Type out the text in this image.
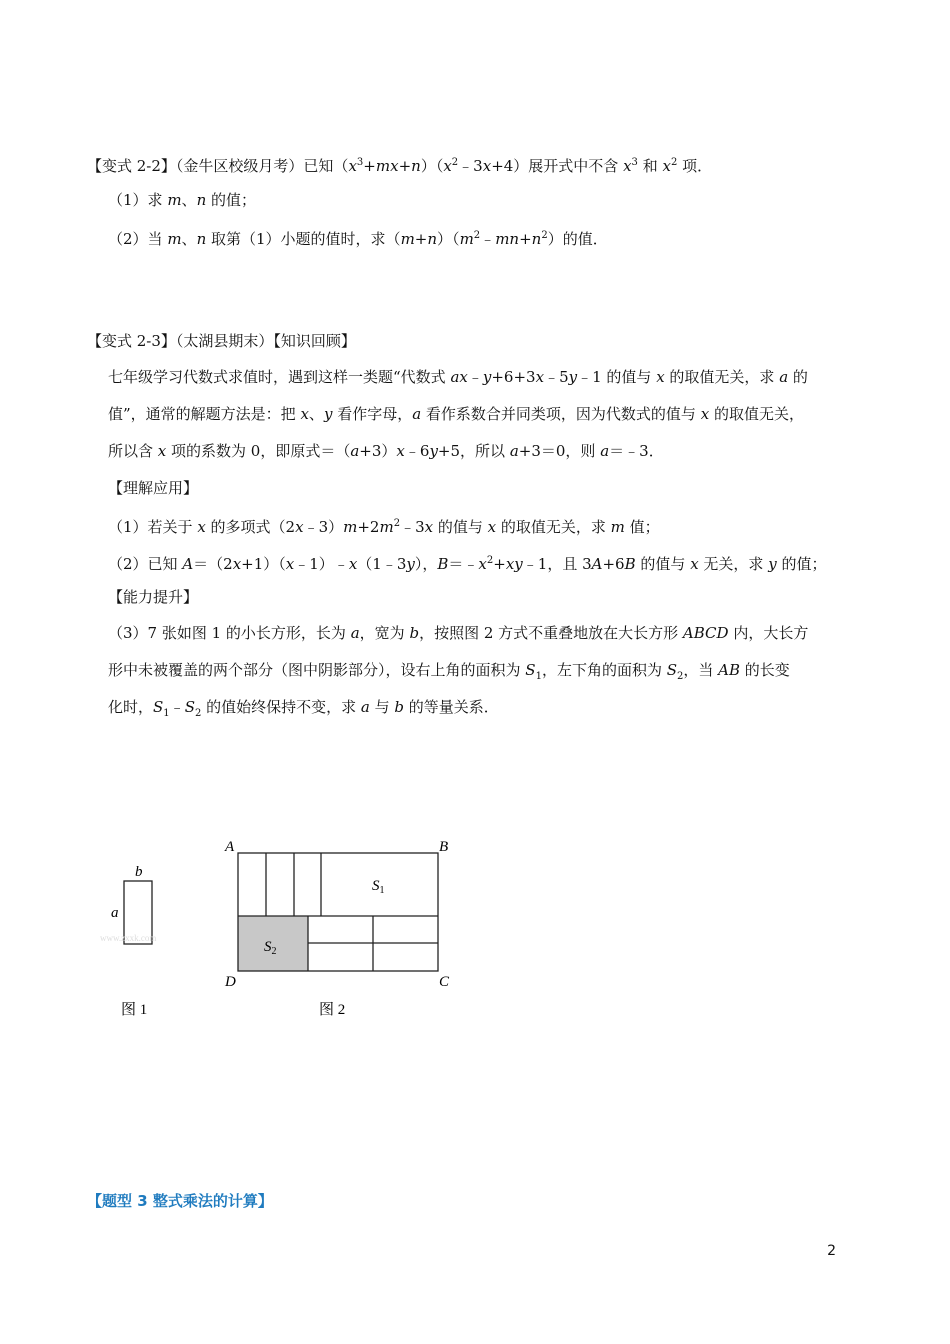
【变式 2-2】（金牛区校级月考）已知$(x^3+mx+n)(x^2﹣3x+4)$展开式中不含 $x^3$ 和 $x^2$ 项．
（1）求 m、n 的值；
（2）当 m、n 取第（1）小题的值时，求$(m+n)(m^2﹣mn+n^2)$的值．
【变式 2-3】（太湖县期末）【知识回顾】
七年级学习代数式求值时，遇到这样一类题“代数式 ax﹣y+6+3x﹣5y﹣1 的值与 x 的取值无关，求 a 的
值”，通常的解题方法是：把 x、y 看作字母，a 看作系数合并同类项，因为代数式的值与 x 的取值无关，
所以含 x 项的系数为 0，即原式＝（a+3）x﹣6y+5，所以 a+3＝0，则 a＝﹣3．
【理解应用】
（1）若关于 x 的多项式$(2x﹣3)m+2m^2﹣3x$ 的值与 x 的取值无关，求 m 值；
（2）已知 A＝（2x+1）（x﹣1）﹣x（1﹣3y），$B=﹣x^2+xy﹣1$，且 3A+6B 的值与 x 无关，求 y 的值；
【能力提升】
（3）7 张如图 1 的小长方形，长为 a，宽为 b，按照图 2 方式不重叠地放在大长方形 ABCD 内，大长方
形中未被覆盖的两个部分（图中阴影部分），设右上角的面积为 $S_1$，左下角的面积为 $S_2$，当 AB 的长变
化时，$S_1﹣S_2$ 的值始终保持不变，求 a 与 b 的等量关系．
b
a
www.zxxk.com
图 1
A	B
C
D
$S_1$
$S_2$
图 2
【题型 3 整式乘法的计算】
2
